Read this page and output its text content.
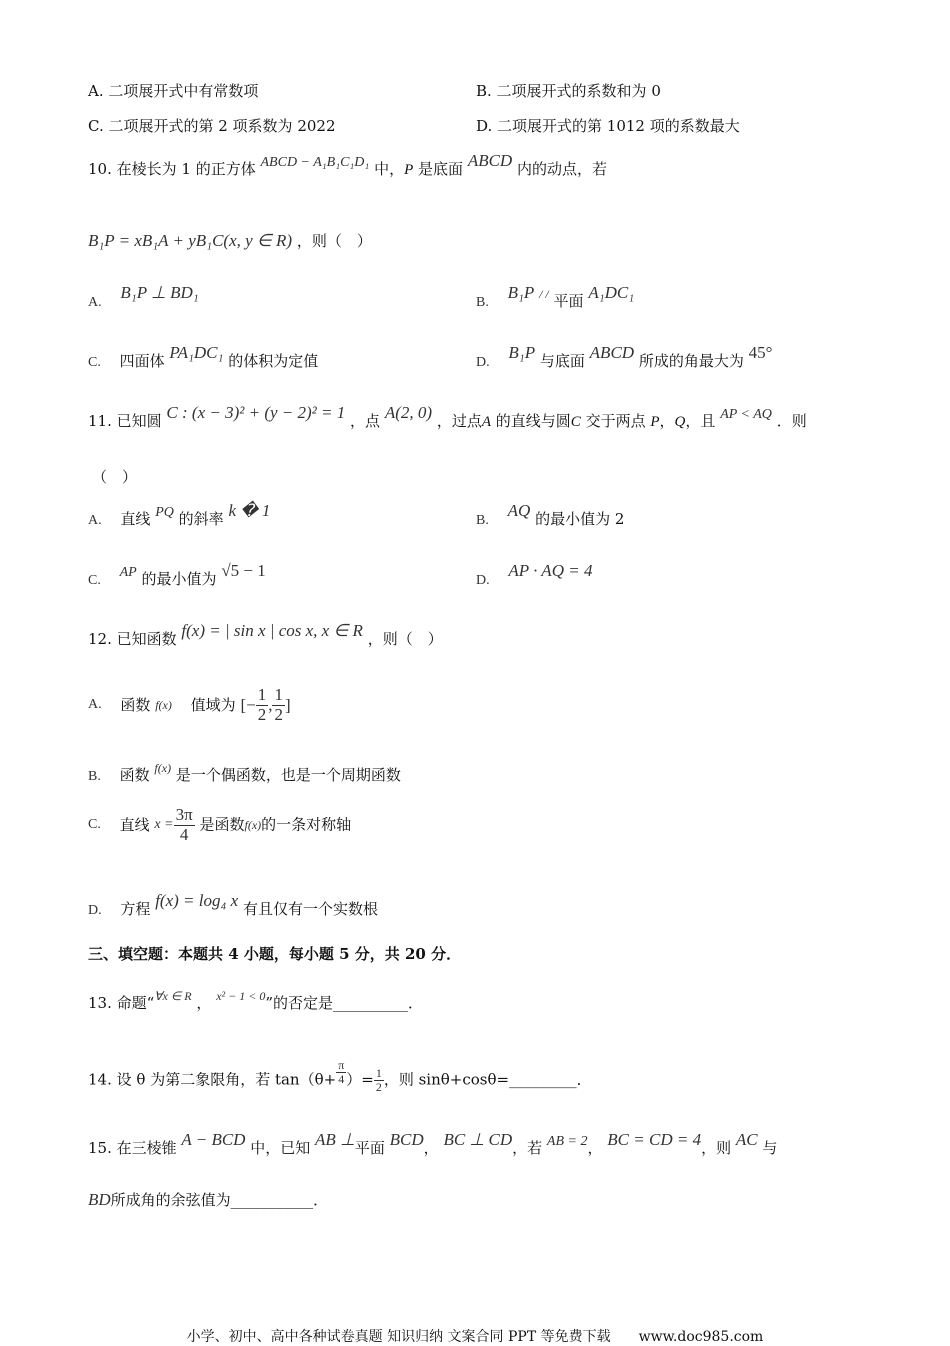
A. 二项展开式中有常数项	B. 二项展开式的系数和为 0
C. 二项展开式的第 2 项系数为 2022	D. 二项展开式的第 1012 项的系数最大
10. 在棱长为 1 的正方体 ABCD − A₁B₁C₁D₁ 中，P 是底面 ABCD 内的动点，若
B₁P = xB₁A + yB₁C(x, y ∈ R) ，则（　）
A. B₁P ⊥ BD₁
B. B₁P / / 平面 A₁DC₁
C. 四面体 PA₁DC₁ 的体积为定值	D. B₁P 与底面 ABCD 所成的角最大为 45°
11. 已知圆 C : (x − 3)² + (y − 2)² = 1 ，点 A(2, 0) ，过点A 的直线与圆C 交于两点 P，Q，且 AP < AQ ．则
（　）
A. 直线 PQ 的斜率 k � 1
B. AQ 的最小值为 2
C. AP 的最小值为 √5 − 1
D. AP · AQ = 4
12. 已知函数 f(x) = | sin x | cos x, x ∈ R ，则（　）
A. 函数 f(x) 值域为 [− $\frac{1}{2}$ , $\frac{1}{2}$ ]
B. 函数 $^{f(x)}$ 是一个偶函数，也是一个周期函数
C. 直线 $x = \frac{3\pi}{4}$ 是函数f(x)的一条对称轴
D. 方程 f(x) = log₄ x 有且仅有一个实数根
三、填空题：本题共 4 小题，每小题 5 分，共 20 分．
13. 命题“$^{\forall x \in R}$ ， $^{x^2 - 1 < 0}$”的否定是__________．
14. 设 θ 为第二象限角，若 $\tan(\theta+ \frac{\pi}{4}$ ）= $\frac{1}{2}$ ，则 sinθ+cosθ=_________．
15. 在三棱锥 A − BCD 中，已知 AB ⊥平面 BCD， BC ⊥ CD，若 AB = 2， BC = CD = 4，则 AC 与
BD所成角的余弦值为___________．
小学、初中、高中各种试卷真题 知识归纳 文案合同 PPT 等免费下载　　www.doc985.com
